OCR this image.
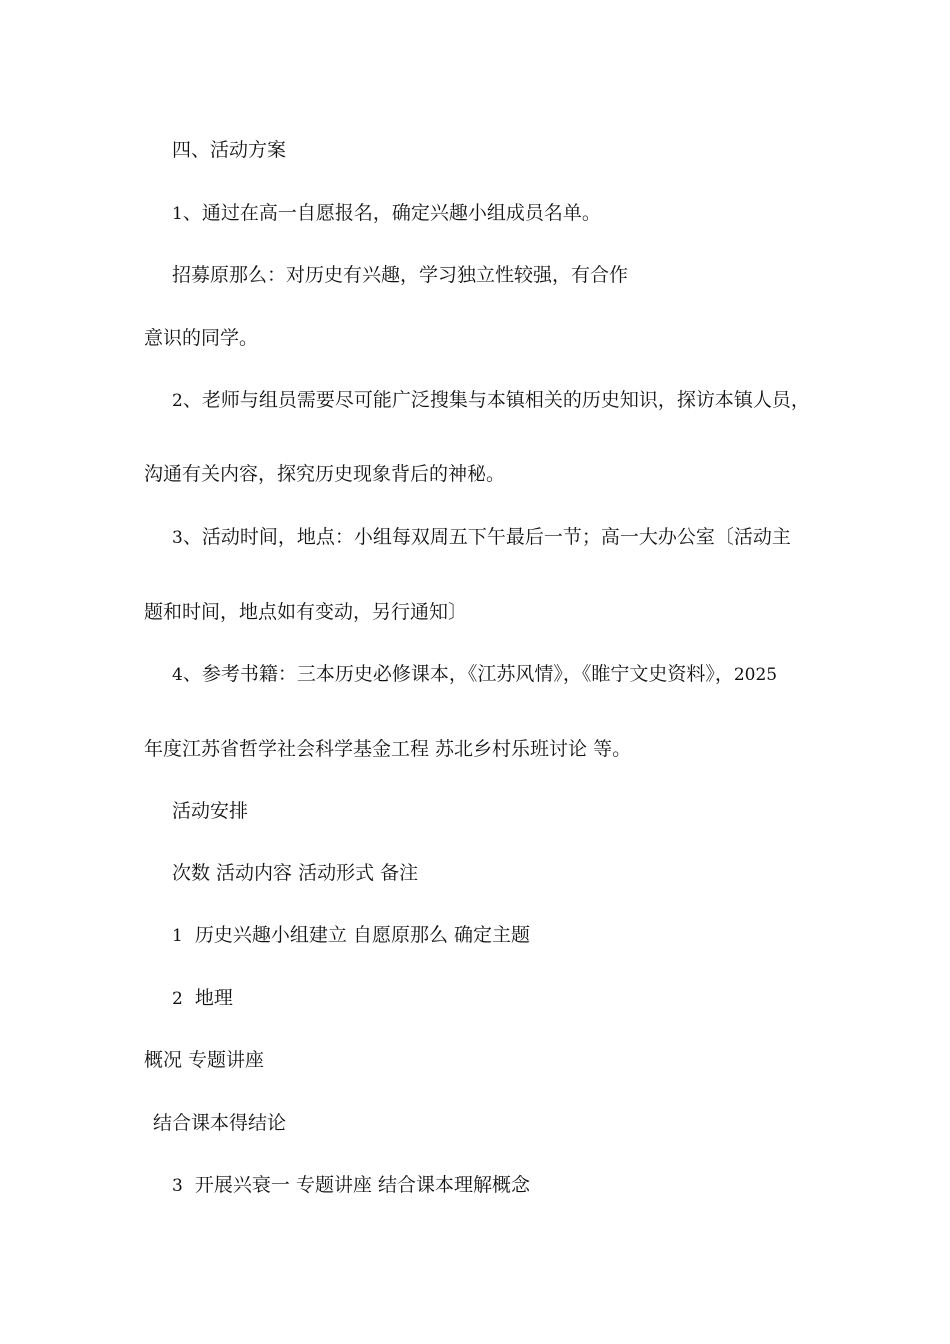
四、活动方案
1、通过在高一自愿报名，确定兴趣小组成员名单。
招募原那么：对历史有兴趣，学习独立性较强，有合作
意识的同学。
2、老师与组员需要尽可能广泛搜集与本镇相关的历史知识，探访本镇人员，
沟通有关内容，探究历史现象背后的神秘。
3、活动时间，地点：小组每双周五下午最后一节；高一大办公室〔活动主
题和时间，地点如有变动，另行通知〕
4、参考书籍：三本历史必修课本，《江苏风情》，《睢宁文史资料》，2025
年度江苏省哲学社会科学基金工程 苏北乡村乐班讨论 等。
活动安排
次数 活动内容 活动形式 备注
1 历史兴趣小组建立 自愿原那么 确定主题
2 地理
概况 专题讲座
结合课本得结论
3 开展兴衰一 专题讲座 结合课本理解概念
